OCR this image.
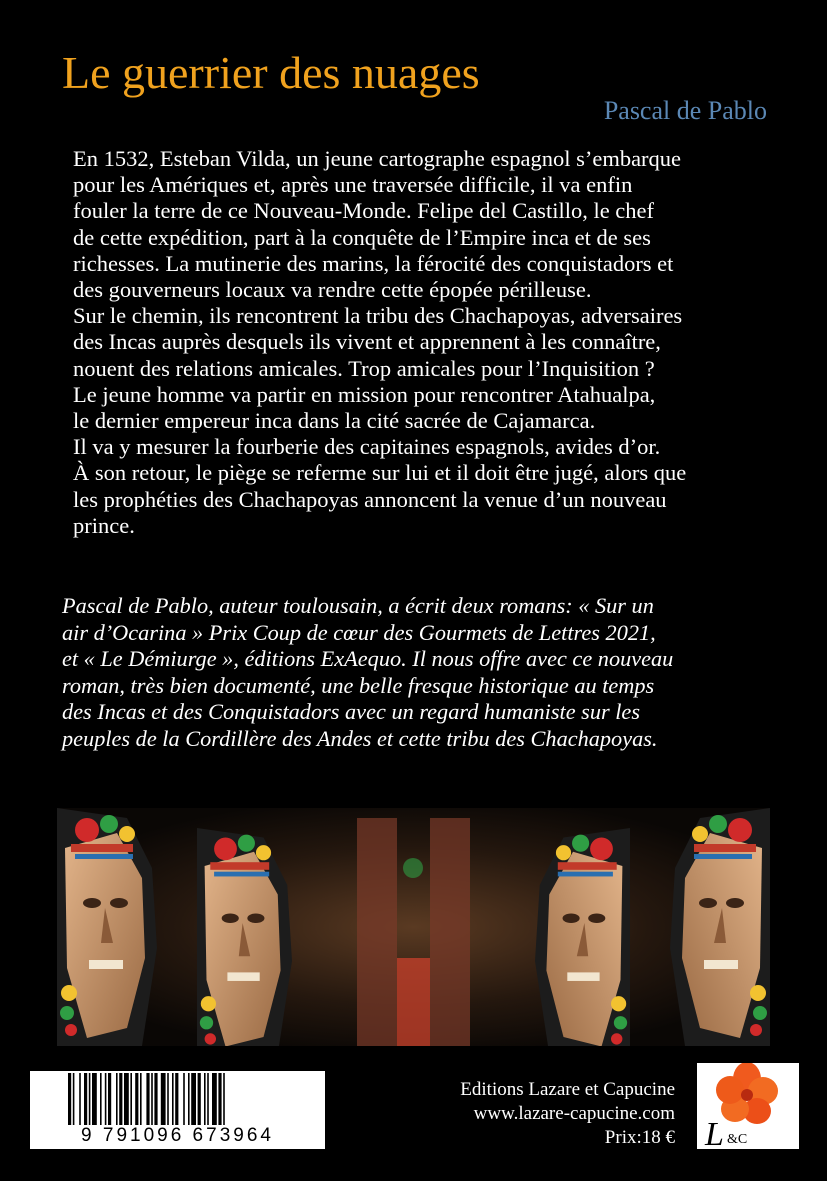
Le guerrier des nuages
Pascal de Pablo
En 1532, Esteban Vilda, un jeune cartographe espagnol s’embarque
pour les Amériques et, après une traversée difficile, il va enfin
fouler la terre de ce Nouveau-Monde. Felipe del Castillo, le chef
de cette expédition, part à la conquête de l’Empire inca et de ses
richesses. La mutinerie des marins, la férocité des conquistadors et
des gouverneurs locaux va rendre cette épopée périlleuse.
Sur le chemin, ils rencontrent la tribu des Chachapoyas, adversaires
des Incas auprès desquels ils vivent et apprennent à les connaître,
nouent des relations amicales. Trop amicales pour l’Inquisition ?
Le jeune homme va partir en mission pour rencontrer Atahualpa,
le dernier empereur inca dans la cité sacrée de Cajamarca.
Il va y mesurer la fourberie des capitaines espagnols, avides d’or.
À son retour, le piège se referme sur lui et il doit être jugé, alors que
les prophéties des Chachapoyas annoncent la venue d’un nouveau
prince.
Pascal de Pablo, auteur toulousain, a écrit deux romans: « Sur un
air d’Ocarina » Prix Coup de cœur des Gourmets de Lettres 2021,
et « Le Démiurge », éditions ExAequo. Il nous offre avec ce nouveau
roman, très bien documenté, une belle fresque historique au temps
des Incas et des Conquistadors avec un regard humaniste sur les
peuples de la Cordillère des Andes et cette tribu des Chachapoyas.
9 791096 673964
Editions Lazare et Capucine
www.lazare-capucine.com
Prix:18 € L &C
